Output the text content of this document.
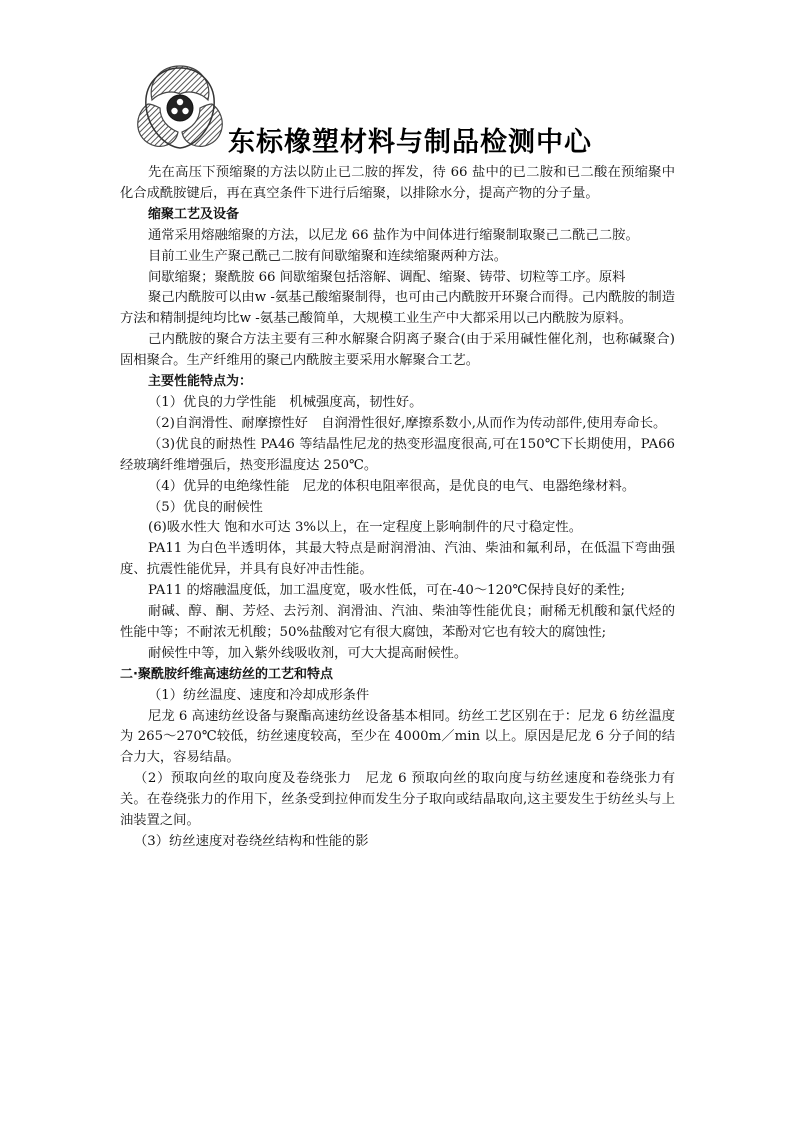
东标橡塑材料与制品检测中心

先在高压下预缩聚的方法以防止已二胺的挥发，待 66 盐中的已二胺和已二酸在预缩聚中化合成酰胺键后，再在真空条件下进行后缩聚，以排除水分，提高产物的分子量。

缩聚工艺及设备

通常采用熔融缩聚的方法，以尼龙 66 盐作为中间体进行缩聚制取聚己二酰己二胺。

目前工业生产聚己酰己二胺有间歇缩聚和连续缩聚两种方法。

间歇缩聚；聚酰胺 66 间歇缩聚包括溶解、调配、缩聚、铸带、切粒等工序。原料

聚己内酰胺可以由w -氨基己酸缩聚制得，也可由己内酰胺开环聚合而得。己内酰胺的制造方法和精制提纯均比w -氨基己酸简单，大规模工业生产中大都采用以己内酰胺为原料。

己内酰胺的聚合方法主要有三种水解聚合阴离子聚合(由于采用碱性催化剂，也称碱聚合)固相聚合。生产纤维用的聚己内酰胺主要采用水解聚合工艺。

主要性能特点为：

（1）优良的力学性能　机械强度高，韧性好。

（2)自润滑性、耐摩擦性好　自润滑性很好,摩擦系数小,从而作为传动部件,使用寿命长。

（3)优良的耐热性 PA46 等结晶性尼龙的热变形温度很高,可在150℃下长期使用，PA66 经玻璃纤维增强后，热变形温度达 250℃。

（4）优异的电绝缘性能　尼龙的体积电阻率很高，是优良的电气、电器绝缘材料。

（5）优良的耐候性

(6)吸水性大 饱和水可达 3%以上，在一定程度上影响制件的尺寸稳定性。

PA11 为白色半透明体，其最大特点是耐润滑油、汽油、柴油和氟利昂，在低温下弯曲强度、抗震性能优异，并具有良好冲击性能。

PA11 的熔融温度低，加工温度宽，吸水性低，可在-40～120℃保持良好的柔性;

耐碱、醇、酮、芳烃、去污剂、润滑油、汽油、柴油等性能优良；耐稀无机酸和氯代烃的性能中等；不耐浓无机酸；50%盐酸对它有很大腐蚀，苯酚对它也有较大的腐蚀性;

耐候性中等，加入紫外线吸收剂，可大大提高耐候性。

二·聚酰胺纤维高速纺丝的工艺和特点

（1）纺丝温度、速度和冷却成形条件

尼龙 6 高速纺丝设备与聚酯高速纺丝设备基本相同。纺丝工艺区别在于：尼龙 6 纺丝温度为 265～270℃较低，纺丝速度较高，至少在 4000m／min 以上。原因是尼龙 6 分子间的结合力大，容易结晶。

（2）预取向丝的取向度及卷绕张力　尼龙 6 预取向丝的取向度与纺丝速度和卷绕张力有关。在卷绕张力的作用下，丝条受到拉伸而发生分子取向或结晶取向,这主要发生于纺丝头与上油装置之间。

（3）纺丝速度对卷绕丝结构和性能的影
